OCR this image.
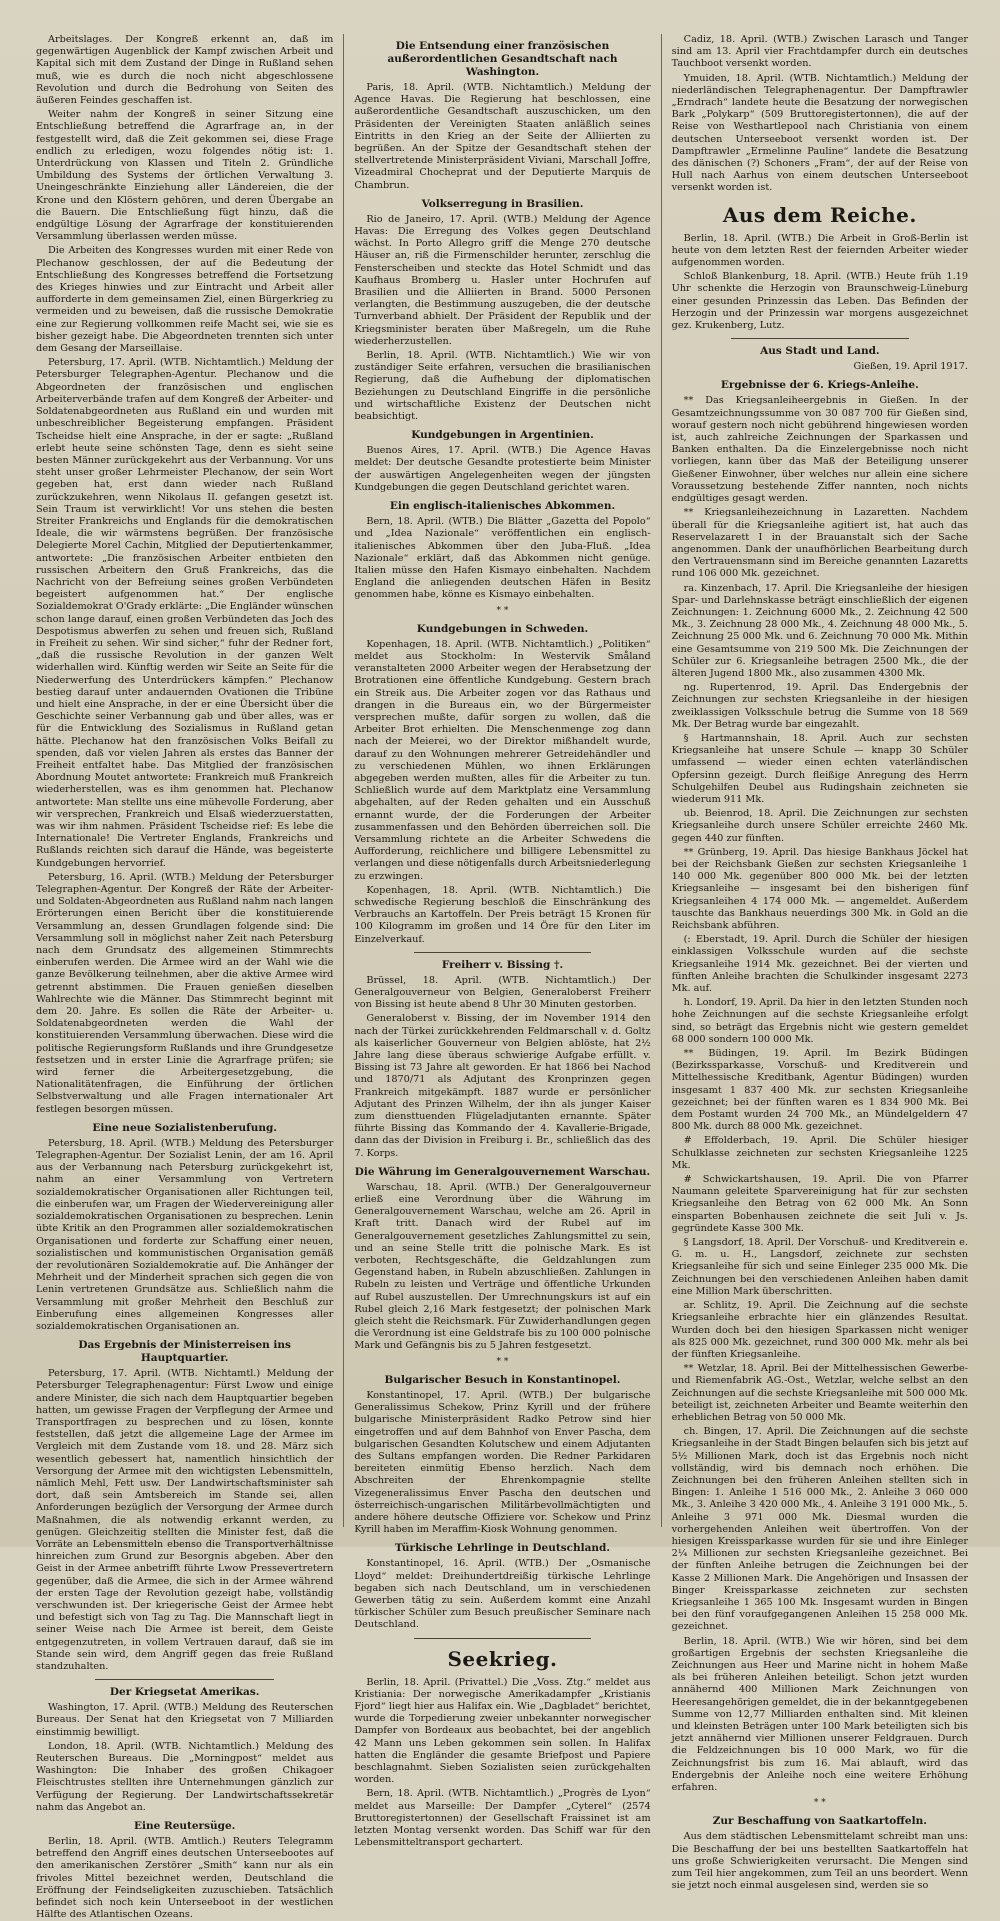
Arbeitslages. Der Kongreß erkennt an, daß im gegenwärtigen Augenblick der Kampf zwischen Arbeit und Kapital sich mit dem Zustand der Dinge in Rußland sehen muß, wie es durch die noch nicht abgeschlossene Revolution und durch die Bedrohung von Seiten des äußeren Feindes geschaffen ist.

Weiter nahm der Kongreß in seiner Sitzung eine Entschließung betreffend die Agrarfrage an, in der festgestellt wird, daß die Zeit gekommen sei, diese Frage endlich zu erledigen, wozu folgendes nötig ist: 1. Unterdrückung von Klassen und Titeln 2. Gründliche Umbildung des Systems der örtlichen Verwaltung 3. Uneingeschränkte Einziehung aller Ländereien, die der Krone und den Klöstern gehören, und deren Übergabe an die Bauern. Die Entschließung fügt hinzu, daß die endgültige Lösung der Agrarfrage der konstituierenden Versammlung überlassen werden müsse.

Die Arbeiten des Kongresses wurden mit einer Rede von Plechanow geschlossen, der auf die Bedeutung der Entschließung des Kongresses betreffend die Fortsetzung des Krieges hinwies und zur Eintracht und Arbeit aller aufforderte in dem gemeinsamen Ziel, einen Bürgerkrieg zu vermeiden und zu beweisen, daß die russische Demokratie eine zur Regierung vollkommen reife Macht sei, wie sie es bisher gezeigt habe. Die Abgeordneten trennten sich unter dem Gesang der Marseillaise.

Petersburg, 17. April. (WTB. Nichtamtlich.) Meldung der Petersburger Telegraphen-Agentur. Plechanow und die Abgeordneten der französischen und englischen Arbeiterverbände trafen auf dem Kongreß der Arbeiter- und Soldatenabgeordneten aus Rußland ein und wurden mit unbeschreiblicher Begeisterung empfangen. Präsident Tscheidse hielt eine Ansprache, in der er sagte: „Rußland erlebt heute seine schönsten Tage, denn es sieht seine besten Männer zurückgekehrt aus der Verbannung. Vor uns steht unser großer Lehrmeister Plechanow, der sein Wort gegeben hat, erst dann wieder nach Rußland zurückzukehren, wenn Nikolaus II. gefangen gesetzt ist. Sein Traum ist verwirklicht! Vor uns stehen die besten Streiter Frankreichs und Englands für die demokratischen Ideale, die wir wärmstens begrüßen. Der französische Delegierte Morel Cachin, Mitglied der Deputiertenkammer, antwortete: „Die französischen Arbeiter entbieten den russischen Arbeitern den Gruß Frankreichs, das die Nachricht von der Befreiung seines großen Verbündeten begeistert aufgenommen hat.“ Der englische Sozialdemokrat O'Grady erklärte: „Die Engländer wünschen schon lange darauf, einen großen Verbündeten das Joch des Despotismus abwerfen zu sehen und freuen sich, Rußland in Freiheit zu sehen. Wir sind sicher,“ fuhr der Redner fort, „daß die russische Revolution in der ganzen Welt widerhallen wird. Künftig werden wir Seite an Seite für die Niederwerfung des Unterdrückers kämpfen.“ Plechanow bestieg darauf unter andauernden Ovationen die Tribüne und hielt eine Ansprache, in der er eine Übersicht über die Geschichte seiner Verbannung gab und über alles, was er für die Entwicklung des Sozialismus in Rußland getan hätte. Plechanow hat den französischen Volks Beifall zu spenden, daß vor vielen Jahren als erstes das Banner der Freiheit entfaltet habe. Das Mitglied der französischen Abordnung Moutet antwortete: Frankreich muß Frankreich wiederherstellen, was es ihm genommen hat. Plechanow antwortete: Man stellte uns eine mühevolle Forderung, aber wir versprechen, Frankreich und Elsaß wiederzuerstatten, was wir ihm nahmen. Präsident Tscheidse rief: Es lebe die Internationale! Die Vertreter Englands, Frankreichs und Rußlands reichten sich darauf die Hände, was begeisterte Kundgebungen hervorrief.

Petersburg, 16. April. (WTB.) Meldung der Petersburger Telegraphen-Agentur. Der Kongreß der Räte der Arbeiter- und Soldaten-Abgeordneten aus Rußland nahm nach langen Erörterungen einen Bericht über die konstituierende Versammlung an, dessen Grundlagen folgende sind: Die Versammlung soll in möglichst naher Zeit nach Petersburg nach dem Grundsatz des allgemeinen Stimmrechts einberufen werden. Die Armee wird an der Wahl wie die ganze Bevölkerung teilnehmen, aber die aktive Armee wird getrennt abstimmen. Die Frauen genießen dieselben Wahlrechte wie die Männer. Das Stimmrecht beginnt mit dem 20. Jahre. Es sollen die Räte der Arbeiter- u. Soldatenabgeordneten werden die Wahl der konstituierenden Versammlung überwachen. Diese wird die politische Regierungsform Rußlands und ihre Grundgesetze festsetzen und in erster Linie die Agrarfrage prüfen; sie wird ferner die Arbeitergesetzgebung, die Nationalitätenfragen, die Einführung der örtlichen Selbstverwaltung und alle Fragen internationaler Art festlegen besorgen müssen.

Eine neue Sozialistenberufung.

Petersburg, 18. April. (WTB.) Meldung des Petersburger Telegraphen-Agentur. Der Sozialist Lenin, der am 16. April aus der Verbannung nach Petersburg zurückgekehrt ist, nahm an einer Versammlung von Vertretern sozialdemokratischer Organisationen aller Richtungen teil, die einberufen war, um Fragen der Wiedervereinigung aller sozialdemokratischen Organisationen zu besprechen. Lenin übte Kritik an den Programmen aller sozialdemokratischen Organisationen und forderte zur Schaffung einer neuen, sozialistischen und kommunistischen Organisation gemäß der revolutionären Sozialdemokratie auf. Die Anhänger der Mehrheit und der Minderheit sprachen sich gegen die von Lenin vertretenen Grundsätze aus. Schließlich nahm die Versammlung mit großer Mehrheit den Beschluß zur Einberufung eines allgemeinen Kongresses aller sozialdemokratischen Organisationen an.

Das Ergebnis der Ministerreisen ins Hauptquartier.

Petersburg, 17. April. (WTB. Nichtamtl.) Meldung der Petersburger Telegraphenagentur: Fürst Lwow und einige andere Minister, die sich nach dem Hauptquartier begeben hatten, um gewisse Fragen der Verpflegung der Armee und Transportfragen zu besprechen und zu lösen, konnte feststellen, daß jetzt die allgemeine Lage der Armee im Vergleich mit dem Zustande vom 18. und 28. März sich wesentlich gebessert hat, namentlich hinsichtlich der Versorgung der Armee mit den wichtigsten Lebensmitteln, nämlich Mehl, Fett usw. Der Landwirtschaftsminister sah dort, daß sein Amtsbereich im Stande sei, allen Anforderungen bezüglich der Versorgung der Armee durch Maßnahmen, die als notwendig erkannt werden, zu genügen. Gleichzeitig stellten die Minister fest, daß die Vorräte an Lebensmitteln ebenso die Transportverhältnisse hinreichen zum Grund zur Besorgnis abgeben. Aber den Geist in der Armee anbetrifft führte Lwow Pressevertretern gegenüber, daß die Armee, die sich in der Armee während der ersten Tage der Revolution gezeigt habe, vollständig verschwunden ist. Der kriegerische Geist der Armee hebt und befestigt sich von Tag zu Tag. Die Mannschaft liegt in seiner Weise nach Die Armee ist bereit, dem Geiste entgegenzutreten, in vollem Vertrauen darauf, daß sie im Stande sein wird, dem Angriff gegen das freie Rußland standzuhalten.

Der Kriegsetat Amerikas.

Washington, 17. April. (WTB.) Meldung des Reuterschen Bureaus. Der Senat hat den Kriegsetat von 7 Milliarden einstimmig bewilligt.

London, 18. April. (WTB. Nichtamtlich.) Meldung des Reuterschen Bureaus. Die „Morningpost“ meldet aus Washington: Die Inhaber des großen Chikagoer Fleischtrustes stellten ihre Unternehmungen gänzlich zur Verfügung der Regierung. Der Landwirtschaftssekretär nahm das Angebot an.

Eine Reutersüge.

Berlin, 18. April. (WTB. Amtlich.) Reuters Telegramm betreffend den Angriff eines deutschen Unterseebootes auf den amerikanischen Zerstörer „Smith“ kann nur als ein frivoles Mittel bezeichnet werden, Deutschland die Eröffnung der Feindseligkeiten zuzuschieben. Tatsächlich befindet sich noch kein Unterseeboot in der westlichen Hälfte des Atlantischen Ozeans.

Die Entsendung einer französischen außerordentlichen Gesandtschaft nach Washington.

Paris, 18. April. (WTB. Nichtamtlich.) Meldung der Agence Havas. Die Regierung hat beschlossen, eine außerordentliche Gesandtschaft auszuschicken, um den Präsidenten der Vereinigten Staaten anläßlich seines Eintritts in den Krieg an der Seite der Alliierten zu begrüßen. An der Spitze der Gesandtschaft stehen der stellvertretende Ministerpräsident Viviani, Marschall Joffre, Vizeadmiral Chocheprat und der Deputierte Marquis de Chambrun.

Volkserregung in Brasilien.

Rio de Janeiro, 17. April. (WTB.) Meldung der Agence Havas: Die Erregung des Volkes gegen Deutschland wächst. In Porto Allegro griff die Menge 270 deutsche Häuser an, riß die Firmenschilder herunter, zerschlug die Fensterscheiben und steckte das Hotel Schmidt und das Kaufhaus Bromberg u. Hasler unter Hochrufen auf Brasilien und die Alliierten in Brand. 5000 Personen verlangten, die Bestimmung auszugeben, die der deutsche Turnverband abhielt. Der Präsident der Republik und der Kriegsminister beraten über Maßregeln, um die Ruhe wiederherzustellen.

Berlin, 18. April. (WTB. Nichtamtlich.) Wie wir von zuständiger Seite erfahren, versuchen die brasilianischen Regierung, daß die Aufhebung der diplomatischen Beziehungen zu Deutschland Eingriffe in die persönliche und wirtschaftliche Existenz der Deutschen nicht beabsichtigt.

Kundgebungen in Argentinien.

Buenos Aires, 17. April. (WTB.) Die Agence Havas meldet: Der deutsche Gesandte protestierte beim Minister der auswärtigen Angelegenheiten wegen der jüngsten Kundgebungen die gegen Deutschland gerichtet waren.

Ein englisch-italienisches Abkommen.

Bern, 18. April. (WTB.) Die Blätter „Gazetta del Popolo“ und „Idea Nazionale“ veröffentlichen ein englisch-italienisches Abkommen über den Juba-Fluß. „Idea Nazionale“ erklärt, daß das Abkommen nicht genüge. Italien müsse den Hafen Kismayo einbehalten. Nachdem England die anliegenden deutschen Häfen in Besitz genommen habe, könne es Kismayo einbehalten.

* *
Kundgebungen in Schweden.

Kopenhagen, 18. April. (WTB. Nichtamtlich.) „Politiken“ meldet aus Stockholm: In Westervik Småland veranstalteten 2000 Arbeiter wegen der Herabsetzung der Brotrationen eine öffentliche Kundgebung. Gestern brach ein Streik aus. Die Arbeiter zogen vor das Rathaus und drangen in die Bureaus ein, wo der Bürgermeister versprechen mußte, dafür sorgen zu wollen, daß die Arbeiter Brot erhielten. Die Menschenmenge zog dann nach der Meierei, wo der Direktor mißhandelt wurde, darauf zu den Wohnungen mehrerer Getreidehändler und zu verschiedenen Mühlen, wo ihnen Erklärungen abgegeben werden mußten, alles für die Arbeiter zu tun. Schließlich wurde auf dem Marktplatz eine Versammlung abgehalten, auf der Reden gehalten und ein Ausschuß ernannt wurde, der die Forderungen der Arbeiter zusammenfassen und den Behörden überreichen soll. Die Versammlung richtete an die Arbeiter Schwedens die Aufforderung, reichlichere und billigere Lebensmittel zu verlangen und diese nötigenfalls durch Arbeitsniederlegung zu erzwingen.

Kopenhagen, 18. April. (WTB. Nichtamtlich.) Die schwedische Regierung beschloß die Einschränkung des Verbrauchs an Kartoffeln. Der Preis beträgt 15 Kronen für 100 Kilogramm im großen und 14 Öre für den Liter im Einzelverkauf.

Freiherr v. Bissing †.

Brüssel, 18. April. (WTB. Nichtamtlich.) Der Generalgouverneur von Belgien, Generaloberst Freiherr von Bissing ist heute abend 8 Uhr 30 Minuten gestorben.

Generaloberst v. Bissing, der im November 1914 den nach der Türkei zurückkehrenden Feldmarschall v. d. Goltz als kaiserlicher Gouverneur von Belgien ablöste, hat 2½ Jahre lang diese überaus schwierige Aufgabe erfüllt. v. Bissing ist 73 Jahre alt geworden. Er hat 1866 bei Nachod und 1870/71 als Adjutant des Kronprinzen gegen Frankreich mitgekämpft. 1887 wurde er persönlicher Adjutant des Prinzen Wilhelm, der ihn als junger Kaiser zum diensttuenden Flügeladjutanten ernannte. Später führte Bissing das Kommando der 4. Kavallerie-Brigade, dann das der Division in Freiburg i. Br., schließlich das des 7. Korps.

Die Währung im Generalgouvernement Warschau.

Warschau, 18. April. (WTB.) Der Generalgouverneur erließ eine Verordnung über die Währung im Generalgouvernement Warschau, welche am 26. April in Kraft tritt. Danach wird der Rubel auf im Generalgouvernement gesetzliches Zahlungsmittel zu sein, und an seine Stelle tritt die polnische Mark. Es ist verboten, Rechtsgeschäfte, die Geldzahlungen zum Gegenstand haben, in Rubeln abzuschließen. Zahlungen in Rubeln zu leisten und Verträge und öffentliche Urkunden auf Rubel auszustellen. Der Umrechnungskurs ist auf ein Rubel gleich 2,16 Mark festgesetzt; der polnischen Mark gleich steht die Reichsmark. Für Zuwiderhandlungen gegen die Verordnung ist eine Geldstrafe bis zu 100 000 polnische Mark und Gefängnis bis zu 5 Jahren festgesetzt.

* *
Bulgarischer Besuch in Konstantinopel.

Konstantinopel, 17. April. (WTB.) Der bulgarische Generalissimus Schekow, Prinz Kyrill und der frühere bulgarische Ministerpräsident Radko Petrow sind hier eingetroffen und auf dem Bahnhof von Enver Pascha, dem bulgarischen Gesandten Kolutschew und einem Adjutanten des Sultans empfangen worden. Die Redner Parkidaren bereiteten einmütig Ebenso herzlich. Nach dem Abschreiten der Ehrenkompagnie stellte Vizegeneralissimus Enver Pascha den deutschen und österreichisch-ungarischen Militärbevollmächtigten und andere höhere deutsche Offiziere vor. Schekow und Prinz Kyrill haben im Meraffim-Kiosk Wohnung genommen.

Türkische Lehrlinge in Deutschland.

Konstantinopel, 16. April. (WTB.) Der „Osmanische Lloyd“ meldet: Dreihundertdreißig türkische Lehrlinge begaben sich nach Deutschland, um in verschiedenen Gewerben tätig zu sein. Außerdem kommt eine Anzahl türkischer Schüler zum Besuch preußischer Seminare nach Deutschland.

Seekrieg.

Berlin, 18. April. (Privattel.) Die „Voss. Ztg.“ meldet aus Kristiania: Der norwegische Amerikadampfer „Kristianis Fjord“ liegt hier aus Halifax ein. Wie „Dagbladet“ berichtet, wurde die Torpedierung zweier unbekannter norwegischer Dampfer von Bordeaux aus beobachtet, bei der angeblich 42 Mann uns Leben gekommen sein sollen. In Halifax hatten die Engländer die gesamte Briefpost und Papiere beschlagnahmt. Sieben Sozialisten seien zurückgehalten worden.

Bern, 18. April. (WTB. Nichtamtlich.) „Progrès de Lyon“ meldet aus Marseille: Der Dampfer „Cyterel“ (2574 Bruttoregistertonnen) der Gesellschaft Fraissinet ist am letzten Montag versenkt worden. Das Schiff war für den Lebensmitteltransport gechartert.

Cadiz, 18. April. (WTB.) Zwischen Larasch und Tanger sind am 13. April vier Frachtdampfer durch ein deutsches Tauchboot versenkt worden.

Ymuiden, 18. April. (WTB. Nichtamtlich.) Meldung der niederländischen Telegraphenagentur. Der Dampftrawler „Erndrach“ landete heute die Besatzung der norwegischen Bark „Polykarp“ (509 Bruttoregistertonnen), die auf der Reise von Westhartlepool nach Christiania von einem deutschen Unterseeboot versenkt worden ist. Der Dampftrawler „Ermelinne Pauline“ landete die Besatzung des dänischen (?) Schoners „Fram“, der auf der Reise von Hull nach Aarhus von einem deutschen Unterseeboot versenkt worden ist.

Aus dem Reiche.

Berlin, 18. April. (WTB.) Die Arbeit in Groß-Berlin ist heute von dem letzten Rest der feiernden Arbeiter wieder aufgenommen worden.

Schloß Blankenburg, 18. April. (WTB.) Heute früh 1.19 Uhr schenkte die Herzogin von Braunschweig-Lüneburg einer gesunden Prinzessin das Leben. Das Befinden der Herzogin und der Prinzessin war morgens ausgezeichnet gez. Krukenberg, Lutz.

Aus Stadt und Land.
Gießen, 19. April 1917.
Ergebnisse der 6. Kriegs-Anleihe.

** Das Kriegsanleiheergebnis in Gießen. In der Gesamtzeichnungssumme von 30 087 700 für Gießen sind, worauf gestern noch nicht gebührend hingewiesen worden ist, auch zahlreiche Zeichnungen der Sparkassen und Banken enthalten. Da die Einzelergebnisse noch nicht vorliegen, kann über das Maß der Beteiligung unserer Gießener Einwohner, über welches nur allein eine sichere Voraussetzung bestehende Ziffer nannten, noch nichts endgültiges gesagt werden.

** Kriegsanleihezeichnung in Lazaretten. Nachdem überall für die Kriegsanleihe agitiert ist, hat auch das Reservelazarett I in der Brauanstalt sich der Sache angenommen. Dank der unaufhörlichen Bearbeitung durch den Vertrauensmann sind im Bereiche genannten Lazaretts rund 106 000 Mk. gezeichnet.

ra. Kinzenbach, 17. April. Die Kriegsanleihe der hiesigen Spar- und Darlehnskasse beträgt einschließlich der eigenen Zeichnungen: 1. Zeichnung 6000 Mk., 2. Zeichnung 42 500 Mk., 3. Zeichnung 28 000 Mk., 4. Zeichnung 48 000 Mk., 5. Zeichnung 25 000 Mk. und 6. Zeichnung 70 000 Mk. Mithin eine Gesamtsumme von 219 500 Mk. Die Zeichnungen der Schüler zur 6. Kriegsanleihe betragen 2500 Mk., die der älteren Jugend 1800 Mk., also zusammen 4300 Mk.

ng. Rupertenrod, 19. April. Das Endergebnis der Zeichnungen zur sechsten Kriegsanleihe in der hiesigen zweiklassigen Volksschule betrug die Summe von 18 569 Mk. Der Betrag wurde bar eingezahlt.

§ Hartmannshain, 18. April. Auch zur sechsten Kriegsanleihe hat unsere Schule — knapp 30 Schüler umfassend — wieder einen echten vaterländischen Opfersinn gezeigt. Durch fleißige Anregung des Herrn Schulgehilfen Deubel aus Rudingshain zeichneten sie wiederum 911 Mk.

ub. Beienrod, 18. April. Die Zeichnungen zur sechsten Kriegsanleihe durch unsere Schüler erreichte 2460 Mk. gegen 440 zur fünften.

** Grünberg, 19. April. Das hiesige Bankhaus Jöckel hat bei der Reichsbank Gießen zur sechsten Kriegsanleihe 1 140 000 Mk. gegenüber 800 000 Mk. bei der letzten Kriegsanleihe — insgesamt bei den bisherigen fünf Kriegsanleihen 4 174 000 Mk. — angemeldet. Außerdem tauschte das Bankhaus neuerdings 300 Mk. in Gold an die Reichsbank abführen.

(: Eberstadt, 19. April. Durch die Schüler der hiesigen einklassigen Volksschule wurden auf die sechste Kriegsanleihe 1914 Mk. gezeichnet. Bei der vierten und fünften Anleihe brachten die Schulkinder insgesamt 2273 Mk. auf.

h. Londorf, 19. April. Da hier in den letzten Stunden noch hohe Zeichnungen auf die sechste Kriegsanleihe erfolgt sind, so beträgt das Ergebnis nicht wie gestern gemeldet 68 000 sondern 100 000 Mk.

** Büdingen, 19. April. Im Bezirk Büdingen (Bezirkssparkasse, Vorschuß- und Kreditverein und Mittelhessische Kreditbank, Agentur Büdingen) wurden insgesamt 1 837 400 Mk. zur sechsten Kriegsanleihe gezeichnet; bei der fünften waren es 1 834 900 Mk. Bei dem Postamt wurden 24 700 Mk., an Mündelgeldern 47 800 Mk. durch 88 000 Mk. gezeichnet.

# Effolderbach, 19. April. Die Schüler hiesiger Schulklasse zeichneten zur sechsten Kriegsanleihe 1225 Mk.

# Schwickartshausen, 19. April. Die von Pfarrer Naumann geleitete Sparvereinigung hat für zur sechsten Kriegsanleihe den Betrag von 62 000 Mk. An Sonn einsparten Bobenhausen zeichnete die seit Juli v. Js. gegründete Kasse 300 Mk.

§ Langsdorf, 18. April. Der Vorschuß- und Kreditverein e. G. m. u. H., Langsdorf, zeichnete zur sechsten Kriegsanleihe für sich und seine Einleger 235 000 Mk. Die Zeichnungen bei den verschiedenen Anleihen haben damit eine Million Mark überschritten.

ar. Schlitz, 19. April. Die Zeichnung auf die sechste Kriegsanleihe erbrachte hier ein glänzendes Resultat. Wurden doch bei den hiesigen Sparkassen nicht weniger als 825 000 Mk. gezeichnet, rund 300 000 Mk. mehr als bei der fünften Kriegsanleihe.

** Wetzlar, 18. April. Bei der Mittelhessischen Gewerbe- und Riemenfabrik AG.-Ost., Wetzlar, welche selbst an den Zeichnungen auf die sechste Kriegsanleihe mit 500 000 Mk. beteiligt ist, zeichneten Arbeiter und Beamte weiterhin den erheblichen Betrag von 50 000 Mk.

ch. Bingen, 17. April. Die Zeichnungen auf die sechste Kriegsanleihe in der Stadt Bingen belaufen sich bis jetzt auf 5½ Millionen Mark, doch ist das Ergebnis noch nicht vollständig, wird bis demnach noch erhöhen. Die Zeichnungen bei den früheren Anleihen stellten sich in Bingen: 1. Anleihe 1 516 000 Mk., 2. Anleihe 3 060 000 Mk., 3. Anleihe 3 420 000 Mk., 4. Anleihe 3 191 000 Mk., 5. Anleihe 3 971 000 Mk. Diesmal wurden die vorhergehenden Anleihen weit übertroffen. Von der hiesigen Kreissparkasse wurden für sie und ihre Einleger 2¼ Millionen zur sechsten Kriegsanleihe gezeichnet. Bei der fünften Anleihe betrugen die Zeichnungen bei der Kasse 2 Millionen Mark. Die Angehörigen und Insassen der Binger Kreissparkasse zeichneten zur sechsten Kriegsanleihe 1 365 100 Mk. Insgesamt wurden in Bingen bei den fünf voraufgegangenen Anleihen 15 258 000 Mk. gezeichnet.

Berlin, 18. April. (WTB.) Wie wir hören, sind bei dem großartigen Ergebnis der sechsten Kriegsanleihe die Zeichnungen aus Heer und Marine nicht in hohem Maße als bei früheren Anleihen beteiligt. Schon jetzt wurden annähernd 400 Millionen Mark Zeichnungen von Heeresangehörigen gemeldet, die in der bekanntgegebenen Summe von 12,77 Milliarden enthalten sind. Mit kleinen und kleinsten Beträgen unter 100 Mark beteiligten sich bis jetzt annähernd vier Millionen unserer Feldgrauen. Durch die Feldzeichnungen bis 10 000 Mark, wo für die Zeichnungsfrist bis zum 16. Mai ablauft, wird das Endergebnis der Anleihe noch eine weitere Erhöhung erfahren.

* *
Zur Beschaffung von Saatkartoffeln.

Aus dem städtischen Lebensmittelamt schreibt man uns: Die Beschaffung der bei uns bestellten Saatkartoffeln hat uns große Schwierigkeiten verursacht. Die Mengen sind zum Teil hier angekommen, zum Teil an uns beordert. Wenn sie jetzt noch einmal ausgelesen sind, werden sie so
